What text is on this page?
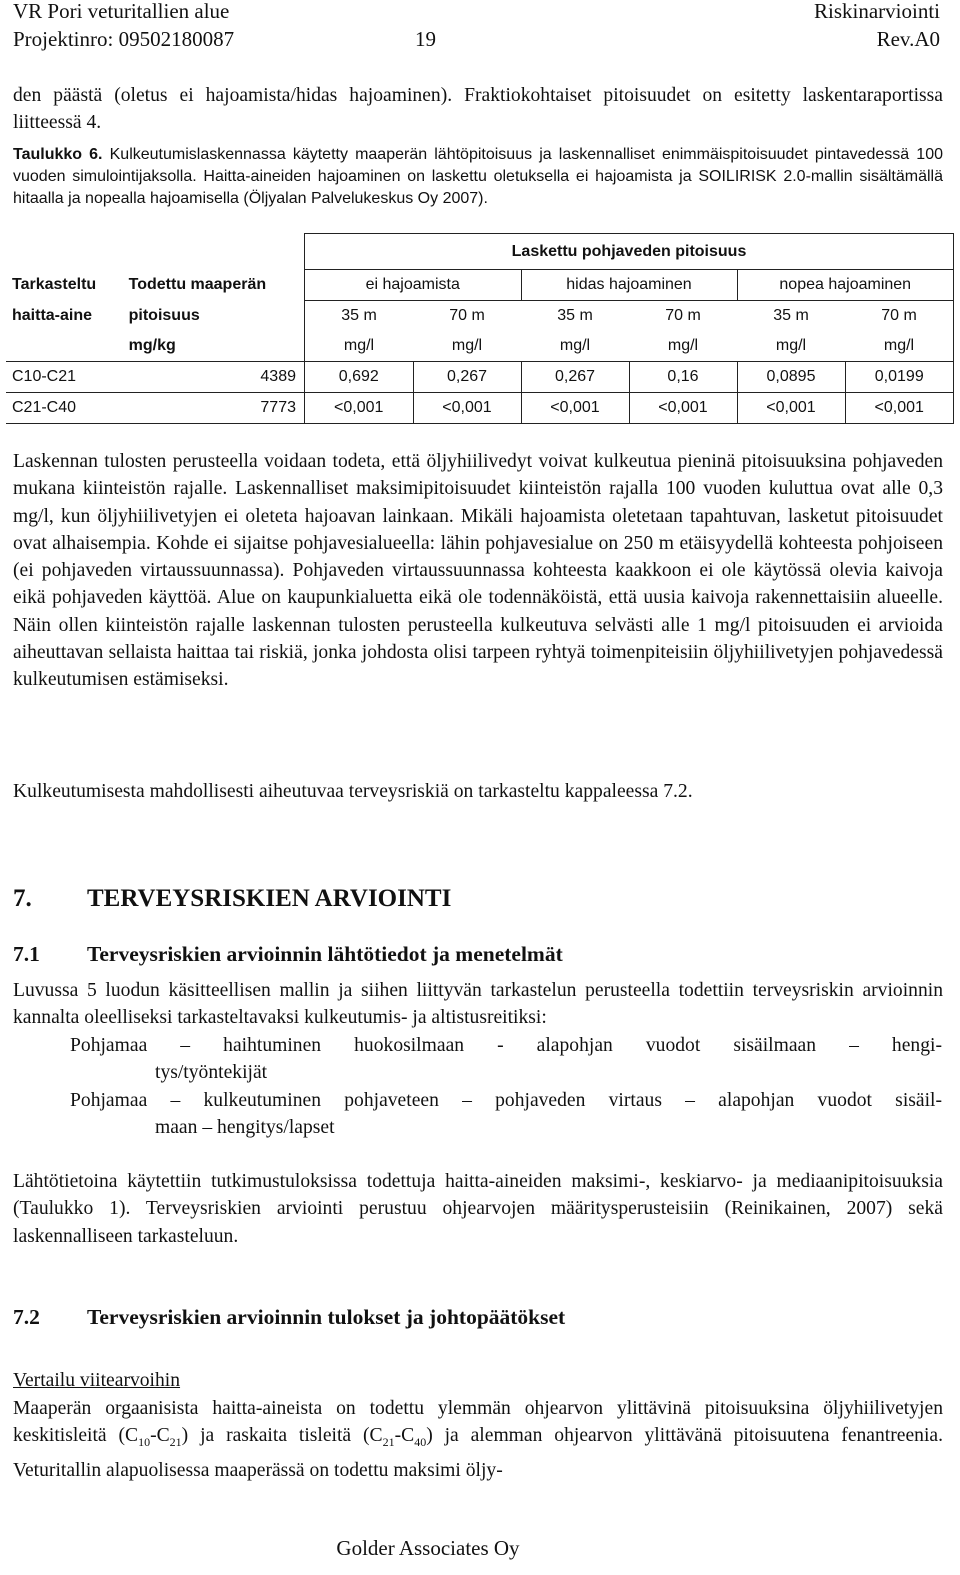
VR Pori veturitallien alue	Riskinarviointi
Projektinro: 09502180087	19	Rev.A0

den päästä (oletus ei hajoamista/hidas hajoaminen). Fraktiokohtaiset pitoisuudet on esitetty laskentaraportissa liitteessä 4.

Taulukko 6. Kulkeutumislaskennassa käytetty maaperän lähtöpitoisuus ja laskennalliset enimmäispitoisuudet pintavedessä 100 vuoden simulointijaksolla. Haitta-aineiden hajoaminen on laskettu oletuksella ei hajoamista ja SOILIRISK 2.0-mallin sisältämällä hitaalla ja nopealla hajoamisella (Öljyalan Palvelukeskus Oy 2007).

		Laskettu pohjaveden pitoisuus					
Tarkasteltu	Todettu maaperän	ei hajoamista		hidas hajoaminen		nopea hajoaminen	
haitta-aine	pitoisuus	35 m	70 m	35 m	70 m	35 m	70 m
	mg/kg	mg/l	mg/l	mg/l	mg/l	mg/l	mg/l
C10-C21	4389	0,692	0,267	0,267	0,16	0,0895	0,0199
C21-C40	7773	<0,001	<0,001	<0,001	<0,001	<0,001	<0,001

Laskennan tulosten perusteella voidaan todeta, että öljyhiilivedyt voivat kulkeutua pieninä pitoisuuksina pohjaveden mukana kiinteistön rajalle. Laskennalliset maksimipitoisuudet kiinteistön rajalla 100 vuoden kuluttua ovat alle 0,3 mg/l, kun öljyhiilivetyjen ei oleteta hajoavan lainkaan. Mikäli hajoamista oletetaan tapahtuvan, lasketut pitoisuudet ovat alhaisempia. Kohde ei sijaitse pohjavesialueella: lähin pohjavesialue on 250 m etäisyydellä kohteesta pohjoiseen (ei pohjaveden virtaussuunnassa). Pohjaveden virtaussuunnassa kohteesta kaakkoon ei ole käytössä olevia kaivoja eikä pohjaveden käyttöä. Alue on kaupunkialuetta eikä ole todennäköistä, että uusia kaivoja rakennettaisiin alueelle. Näin ollen kiinteistön rajalle laskennan tulosten perusteella kulkeutuva selvästi alle 1 mg/l pitoisuuden ei arvioida aiheuttavan sellaista haittaa tai riskiä, jonka johdosta olisi tarpeen ryhtyä toimenpiteisiin öljyhiilivetyjen pohjavedessä kulkeutumisen estämiseksi.

Kulkeutumisesta mahdollisesti aiheutuvaa terveysriskiä on tarkasteltu kappaleessa 7.2.

7. TERVEYSRISKIEN ARVIOINTI
7.1 Terveysriskien arvioinnin lähtötiedot ja menetelmät

Luvussa 5 luodun käsitteellisen mallin ja siihen liittyvän tarkastelun perusteella todettiin terveysriskin arvioinnin kannalta oleelliseksi tarkasteltavaksi kulkeutumis- ja altistusreitiksi:

Pohjamaa – haihtuminen huokosilmaan - alapohjan vuodot sisäilmaan – hengi-

tys/työntekijät

Pohjamaa – kulkeutuminen pohjaveteen – pohjaveden virtaus – alapohjan vuodot sisäil-

maan – hengitys/lapset

Lähtötietoina käytettiin tutkimustuloksissa todettuja haitta-aineiden maksimi-, keskiarvo- ja mediaanipitoisuuksia (Taulukko 1). Terveysriskien arviointi perustuu ohjearvojen määritysperusteisiin (Reinikainen, 2007) sekä laskennalliseen tarkasteluun.

7.2 Terveysriskien arvioinnin tulokset ja johtopäätökset

Vertailu viitearvoihin

Maaperän orgaanisista haitta-aineista on todettu ylemmän ohjearvon ylittävinä pitoisuuksina öljyhiilivetyjen keskitisleitä $(C_{10}-C_{21})$ ja raskaita tisleitä $(C_{21}-C_{40})$ ja alemman ohjearvon ylittävänä pitoisuutena fenantreenia. Veturitallin alapuolisessa maaperässä on todettu maksimi öljy-

Golder Associates Oy
